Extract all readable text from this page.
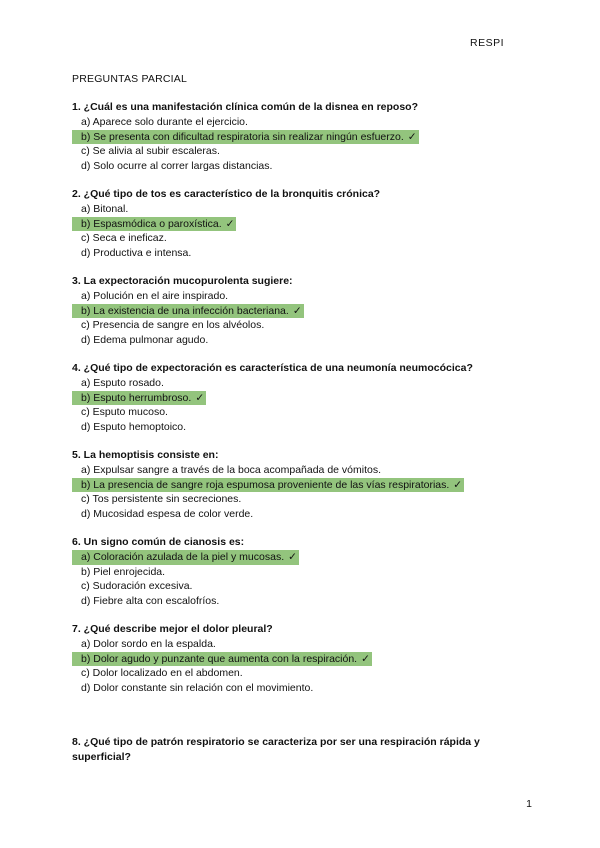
RESPI
PREGUNTAS PARCIAL
1. ¿Cuál es una manifestación clínica común de la disnea en reposo?
a) Aparece solo durante el ejercicio.
b) Se presenta con dificultad respiratoria sin realizar ningún esfuerzo. ✓
c) Se alivia al subir escaleras.
d) Solo ocurre al correr largas distancias.
2. ¿Qué tipo de tos es característico de la bronquitis crónica?
a) Bitonal.
b) Espasmódica o paroxística. ✓
c) Seca e ineficaz.
d) Productiva e intensa.
3. La expectoración mucopurolenta sugiere:
a) Polución en el aire inspirado.
b) La existencia de una infección bacteriana. ✓
c) Presencia de sangre en los alvéolos.
d) Edema pulmonar agudo.
4. ¿Qué tipo de expectoración es característica de una neumonía neumocócica?
a) Esputo rosado.
b) Esputo herrumbroso. ✓
c) Esputo mucoso.
d) Esputo hemoptoico.
5. La hemoptisis consiste en:
a) Expulsar sangre a través de la boca acompañada de vómitos.
b) La presencia de sangre roja espumosa proveniente de las vías respiratorias. ✓
c) Tos persistente sin secreciones.
d) Mucosidad espesa de color verde.
6. Un signo común de cianosis es:
a) Coloración azulada de la piel y mucosas. ✓
b) Piel enrojecida.
c) Sudoración excesiva.
d) Fiebre alta con escalofríos.
7. ¿Qué describe mejor el dolor pleural?
a) Dolor sordo en la espalda.
b) Dolor agudo y punzante que aumenta con la respiración. ✓
c) Dolor localizado en el abdomen.
d) Dolor constante sin relación con el movimiento.
8. ¿Qué tipo de patrón respiratorio se caracteriza por ser una respiración rápida y superficial?
1
